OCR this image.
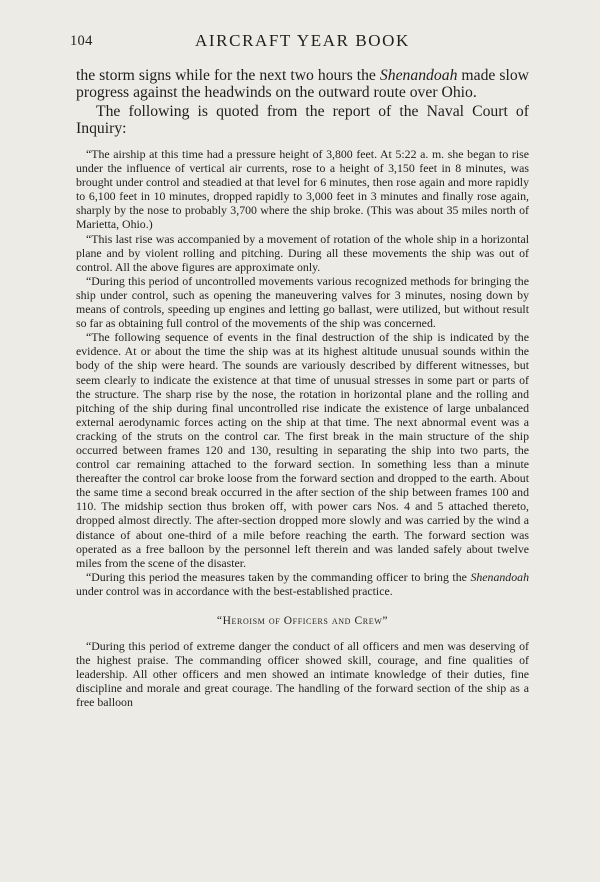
104	AIRCRAFT YEAR BOOK

the storm signs while for the next two hours the Shenandoah made slow progress against the headwinds on the outward route over Ohio.

The following is quoted from the report of the Naval Court of Inquiry:

“The airship at this time had a pressure height of 3,800 feet. At 5:22 a. m. she began to rise under the influence of vertical air currents, rose to a height of 3,150 feet in 8 minutes, was brought under control and steadied at that level for 6 minutes, then rose again and more rapidly to 6,100 feet in 10 minutes, dropped rapidly to 3,000 feet in 3 minutes and finally rose again, sharply by the nose to probably 3,700 where the ship broke. (This was about 35 miles north of Marietta, Ohio.)

“This last rise was accompanied by a movement of rotation of the whole ship in a horizontal plane and by violent rolling and pitching. During all these movements the ship was out of control. All the above figures are approximate only.

“During this period of uncontrolled movements various recognized methods for bringing the ship under control, such as opening the maneuvering valves for 3 minutes, nosing down by means of controls, speeding up engines and letting go ballast, were utilized, but without result so far as obtaining full control of the movements of the ship was concerned.

“The following sequence of events in the final destruction of the ship is indicated by the evidence. At or about the time the ship was at its highest altitude unusual sounds within the body of the ship were heard. The sounds are variously described by different witnesses, but seem clearly to indicate the existence at that time of unusual stresses in some part or parts of the structure. The sharp rise by the nose, the rotation in horizontal plane and the rolling and pitching of the ship during final uncontrolled rise indicate the existence of large unbalanced external aerodynamic forces acting on the ship at that time. The next abnormal event was a cracking of the struts on the control car. The first break in the main structure of the ship occurred between frames 120 and 130, resulting in separating the ship into two parts, the control car remaining attached to the forward section. In something less than a minute thereafter the control car broke loose from the forward section and dropped to the earth. About the same time a second break occurred in the after section of the ship between frames 100 and 110. The midship section thus broken off, with power cars Nos. 4 and 5 attached thereto, dropped almost directly. The after-section dropped more slowly and was carried by the wind a distance of about one-third of a mile before reaching the earth. The forward section was operated as a free balloon by the personnel left therein and was landed safely about twelve miles from the scene of the disaster.

“During this period the measures taken by the commanding officer to bring the Shenandoah under control was in accordance with the best-established practice.

“Heroism of Officers and Crew”

“During this period of extreme danger the conduct of all officers and men was deserving of the highest praise. The commanding officer showed skill, courage, and fine qualities of leadership. All other officers and men showed an intimate knowledge of their duties, fine discipline and morale and great courage. The handling of the forward section of the ship as a free balloon
